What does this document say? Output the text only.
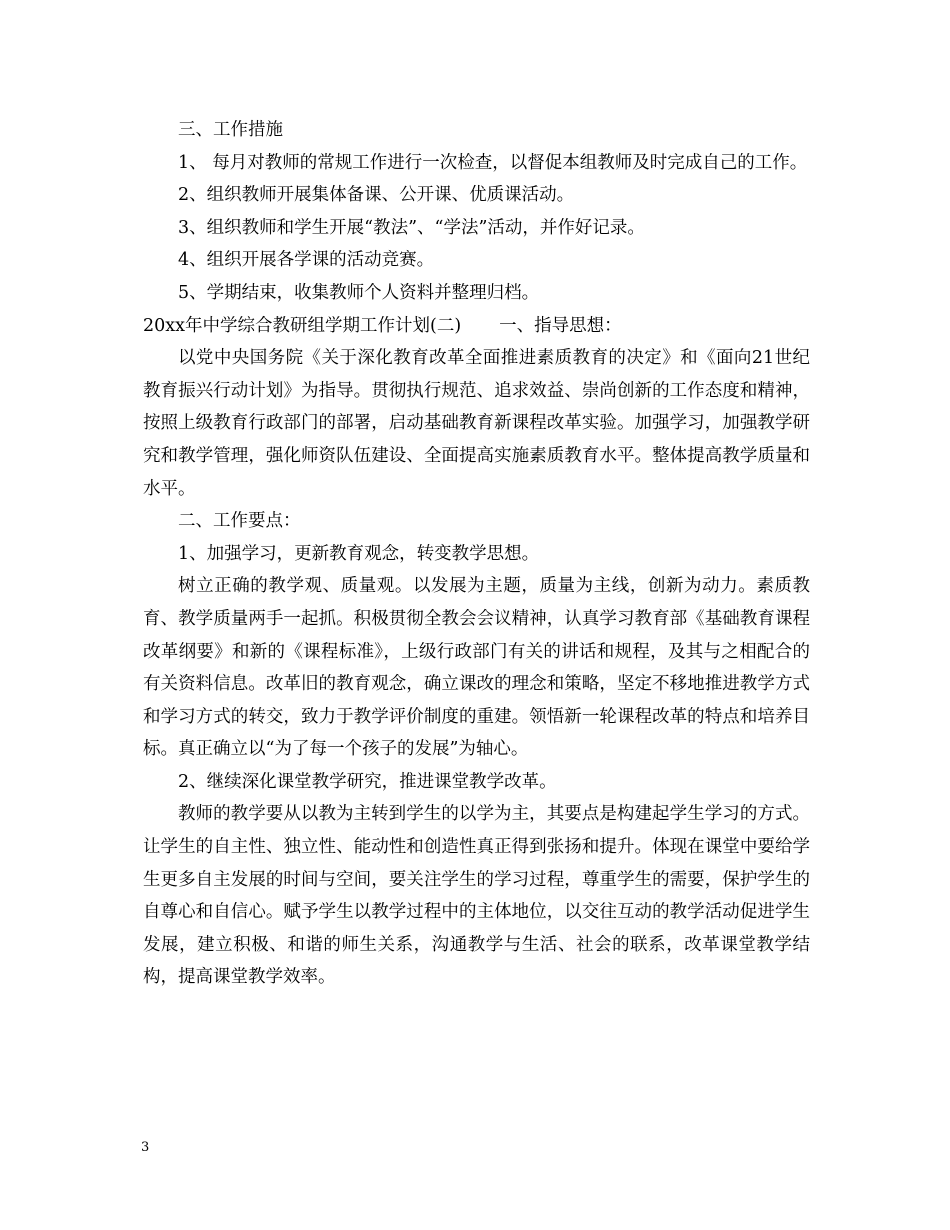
三、工作措施

1、 每月对教师的常规工作进行一次检查，以督促本组教师及时完成自己的工作。

2、组织教师开展集体备课、公开课、优质课活动。

3、组织教师和学生开展“教法”、“学法”活动，并作好记录。

4、组织开展各学课的活动竞赛。

5、学期结束，收集教师个人资料并整理归档。

20xx年中学综合教研组学期工作计划(二) 一、指导思想：

以党中央国务院《关于深化教育改革全面推进素质教育的决定》和《面向21世纪教育振兴行动计划》为指导。贯彻执行规范、追求效益、崇尚创新的工作态度和精神，按照上级教育行政部门的部署，启动基础教育新课程改革实验。加强学习，加强教学研究和教学管理，强化师资队伍建设、全面提高实施素质教育水平。整体提高教学质量和水平。

二、工作要点：

1、加强学习，更新教育观念，转变教学思想。

树立正确的教学观、质量观。以发展为主题，质量为主线，创新为动力。素质教育、教学质量两手一起抓。积极贯彻全教会会议精神，认真学习教育部《基础教育课程改革纲要》和新的《课程标准》，上级行政部门有关的讲话和规程，及其与之相配合的有关资料信息。改革旧的教育观念，确立课改的理念和策略，坚定不移地推进教学方式和学习方式的转交，致力于教学评价制度的重建。领悟新一轮课程改革的特点和培养目标。真正确立以“为了每一个孩子的发展”为轴心。

2、继续深化课堂教学研究，推进课堂教学改革。

教师的教学要从以教为主转到学生的以学为主，其要点是构建起学生学习的方式。让学生的自主性、独立性、能动性和创造性真正得到张扬和提升。体现在课堂中要给学生更多自主发展的时间与空间，要关注学生的学习过程，尊重学生的需要，保护学生的自尊心和自信心。赋予学生以教学过程中的主体地位，以交往互动的教学活动促进学生发展，建立积极、和谐的师生关系，沟通教学与生活、社会的联系，改革课堂教学结构，提高课堂教学效率。

3
